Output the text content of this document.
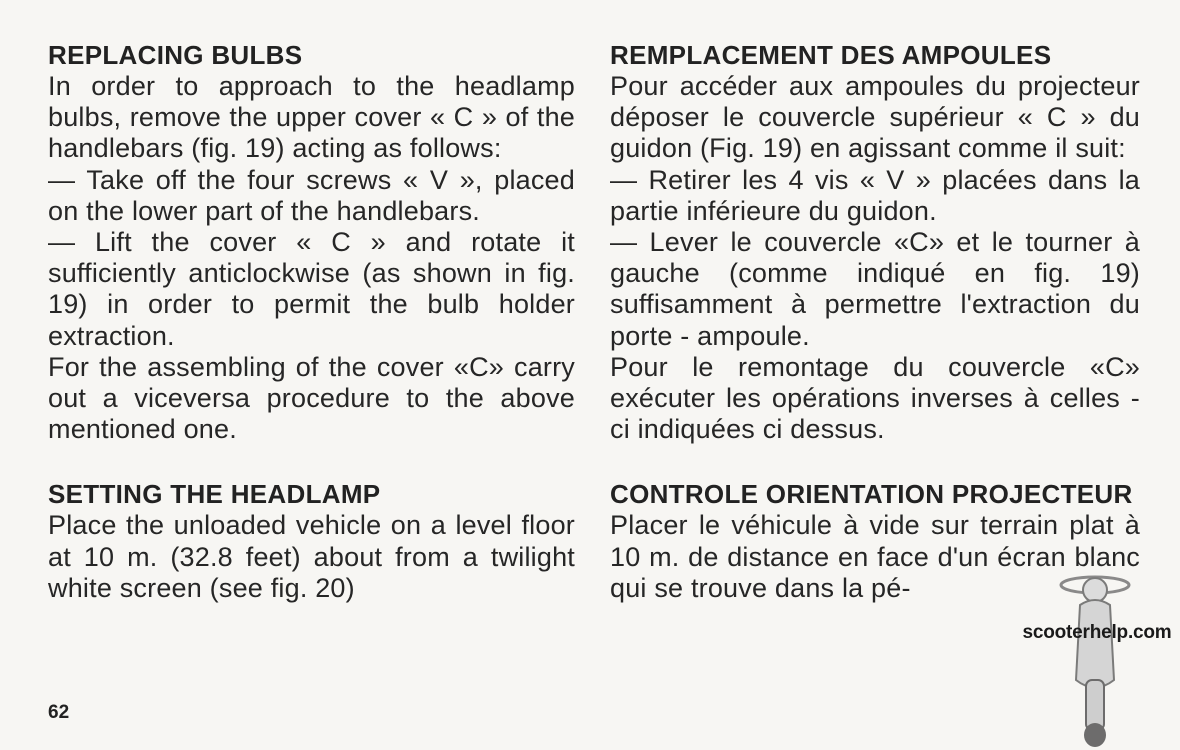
REPLACING BULBS

In order to approach to the headlamp bulbs, remove the upper cover « C » of the handlebars (fig. 19) acting as follows:

— Take off the four screws « V », placed on the lower part of the handlebars.

— Lift the cover « C » and rotate it sufficiently anticlockwise (as shown in fig. 19) in order to permit the bulb holder extraction.

For the assembling of the cover «C» carry out a viceversa procedure to the above mentioned one.

SETTING THE HEADLAMP

Place the unloaded vehicle on a level floor at 10 m. (32.8 feet) about from a twilight white screen (see fig. 20)

REMPLACEMENT DES AMPOULES

Pour accéder aux ampoules du projecteur déposer le couvercle supérieur « C » du guidon (Fig. 19) en agissant comme il suit:

— Retirer les 4 vis « V » placées dans la partie inférieure du guidon.

— Lever le couvercle «C» et le tourner à gauche (comme indiqué en fig. 19) suffisamment à permettre l'extraction du porte - ampoule.

Pour le remontage du couvercle «C» exécuter les opérations inverses à celles - ci indiquées ci dessus.

CONTROLE ORIENTATION PROJECTEUR

Placer le véhicule à vide sur terrain plat à 10 m. de distance en face d'un écran blanc qui se trouve dans la pé-

62
scooterhelp.com
